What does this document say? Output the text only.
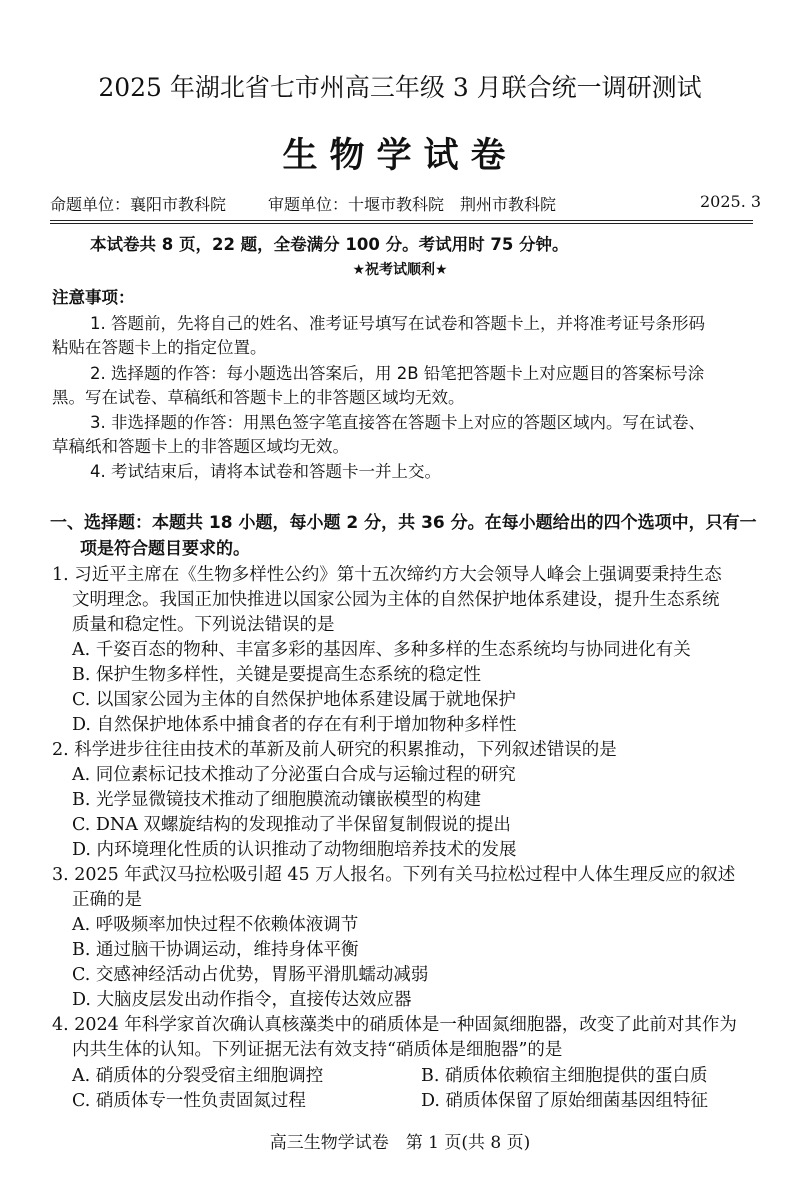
2025 年湖北省七市州高三年级 3 月联合统一调研测试
生物学试卷
命题单位：襄阳市教科院	审题单位：十堰市教科院　荆州市教科院	2025. 3
本试卷共 8 页，22 题，全卷满分 100 分。考试用时 75 分钟。
★祝考试顺利★
注意事项：
1. 答题前，先将自己的姓名、准考证号填写在试卷和答题卡上，并将准考证号条形码
粘贴在答题卡上的指定位置。
2. 选择题的作答：每小题选出答案后，用 2B 铅笔把答题卡上对应题目的答案标号涂
黑。写在试卷、草稿纸和答题卡上的非答题区域均无效。
3. 非选择题的作答：用黑色签字笔直接答在答题卡上对应的答题区域内。写在试卷、
草稿纸和答题卡上的非答题区域均无效。
4. 考试结束后，请将本试卷和答题卡一并上交。
一、选择题：本题共 18 小题，每小题 2 分，共 36 分。在每小题给出的四个选项中，只有一
项是符合题目要求的。
1. 习近平主席在《生物多样性公约》第十五次缔约方大会领导人峰会上强调要秉持生态
文明理念。我国正加快推进以国家公园为主体的自然保护地体系建设，提升生态系统
质量和稳定性。下列说法错误的是
A. 千姿百态的物种、丰富多彩的基因库、多种多样的生态系统均与协同进化有关
B. 保护生物多样性，关键是要提高生态系统的稳定性
C. 以国家公园为主体的自然保护地体系建设属于就地保护
D. 自然保护地体系中捕食者的存在有利于增加物种多样性
2. 科学进步往往由技术的革新及前人研究的积累推动，下列叙述错误的是
A. 同位素标记技术推动了分泌蛋白合成与运输过程的研究
B. 光学显微镜技术推动了细胞膜流动镶嵌模型的构建
C. DNA 双螺旋结构的发现推动了半保留复制假说的提出
D. 内环境理化性质的认识推动了动物细胞培养技术的发展
3. 2025 年武汉马拉松吸引超 45 万人报名。下列有关马拉松过程中人体生理反应的叙述
正确的是
A. 呼吸频率加快过程不依赖体液调节
B. 通过脑干协调运动，维持身体平衡
C. 交感神经活动占优势，胃肠平滑肌蠕动减弱
D. 大脑皮层发出动作指令，直接传达效应器
4. 2024 年科学家首次确认真核藻类中的硝质体是一种固氮细胞器，改变了此前对其作为
内共生体的认知。下列证据无法有效支持“硝质体是细胞器”的是
A. 硝质体的分裂受宿主细胞调控	B. 硝质体依赖宿主细胞提供的蛋白质
C. 硝质体专一性负责固氮过程	D. 硝质体保留了原始细菌基因组特征
高三生物学试卷　第 1 页(共 8 页)
